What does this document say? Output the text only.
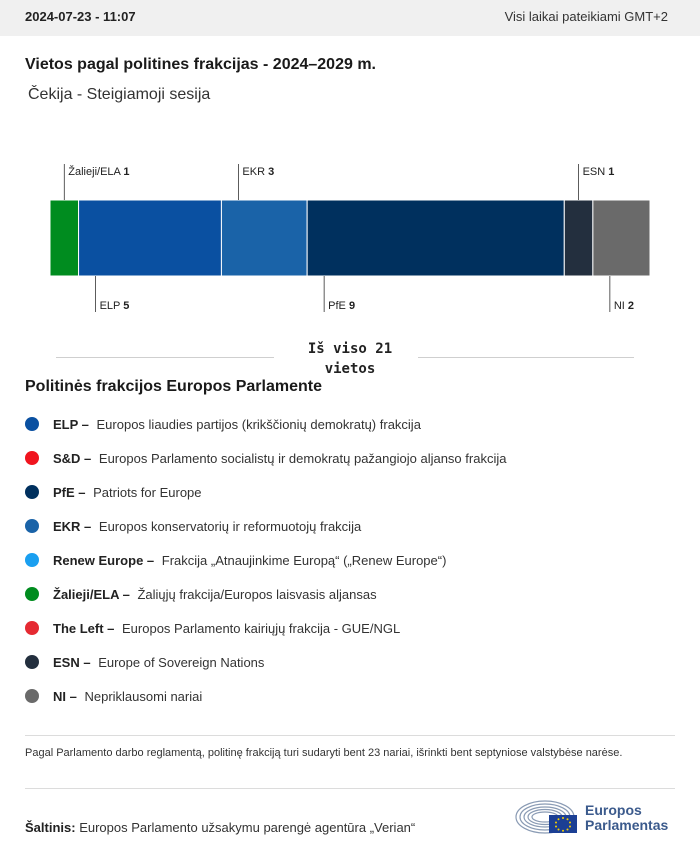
2024-07-23 - 11:07	Visi laikai pateikiami GMT+2
Vietos pagal politines frakcijas - 2024–2029 m.
Čekija - Steigiamoji sesija
Žalieji/ELA 1
ELP 5
EKR 3
PfE 9
ESN 1
NI 2
Iš viso 21 vietos
Politinės frakcijos Europos Parlamente
ELP – Europos liaudies partijos (krikščionių demokratų) frakcija
S&D – Europos Parlamento socialistų ir demokratų pažangiojo aljanso frakcija
PfE – Patriots for Europe
EKR – Europos konservatorių ir reformuotojų frakcija
Renew Europe – Frakcija „Atnaujinkime Europą“ („Renew Europe“)
Žalieji/ELA – Žaliųjų frakcija/Europos laisvasis aljansas
The Left – Europos Parlamento kairiųjų frakcija - GUE/NGL
ESN – Europe of Sovereign Nations
NI – Nepriklausomi nariai
Pagal Parlamento darbo reglamentą, politinę frakciją turi sudaryti bent 23 nariai, išrinkti bent septyniose valstybėse narėse.
Šaltinis: Europos Parlamento užsakymu parengė agentūra „Verian“
Europos
Parlamentas
